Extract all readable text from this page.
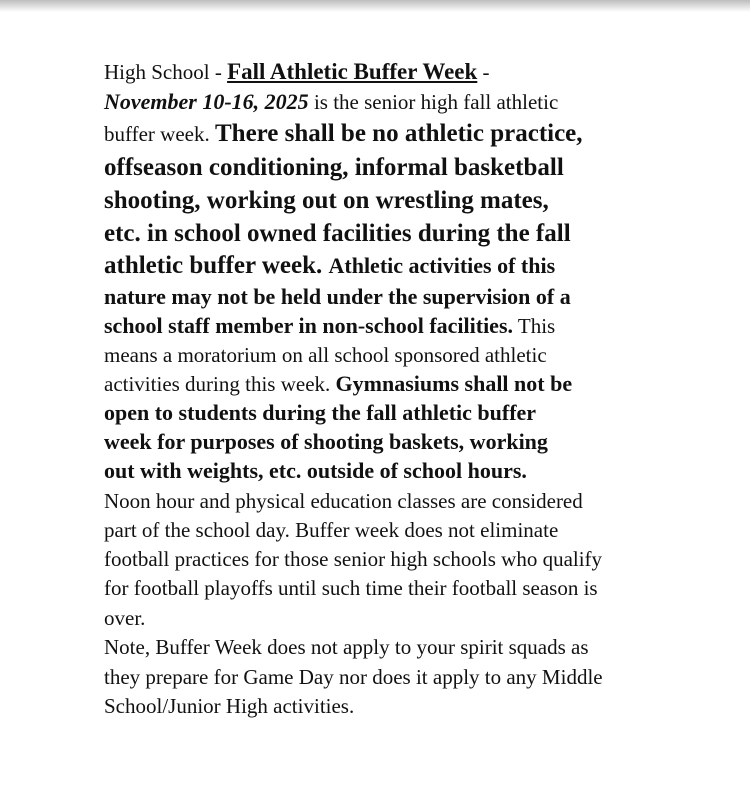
High School - Fall Athletic Buffer Week -
November 10-16, 2025 is the senior high fall athletic
buffer week. There shall be no athletic practice,
offseason conditioning, informal basketball
shooting, working out on wrestling mates,
etc. in school owned facilities during the fall
athletic buffer week. Athletic activities of this
nature may not be held under the supervision of a
school staff member in non-school facilities. This
means a moratorium on all school sponsored athletic
activities during this week. Gymnasiums shall not be
open to students during the fall athletic buffer
week for purposes of shooting baskets, working
out with weights, etc. outside of school hours.
Noon hour and physical education classes are considered
part of the school day. Buffer week does not eliminate
football practices for those senior high schools who qualify
for football playoffs until such time their football season is
over.
Note, Buffer Week does not apply to your spirit squads as
they prepare for Game Day nor does it apply to any Middle
School/Junior High activities.
